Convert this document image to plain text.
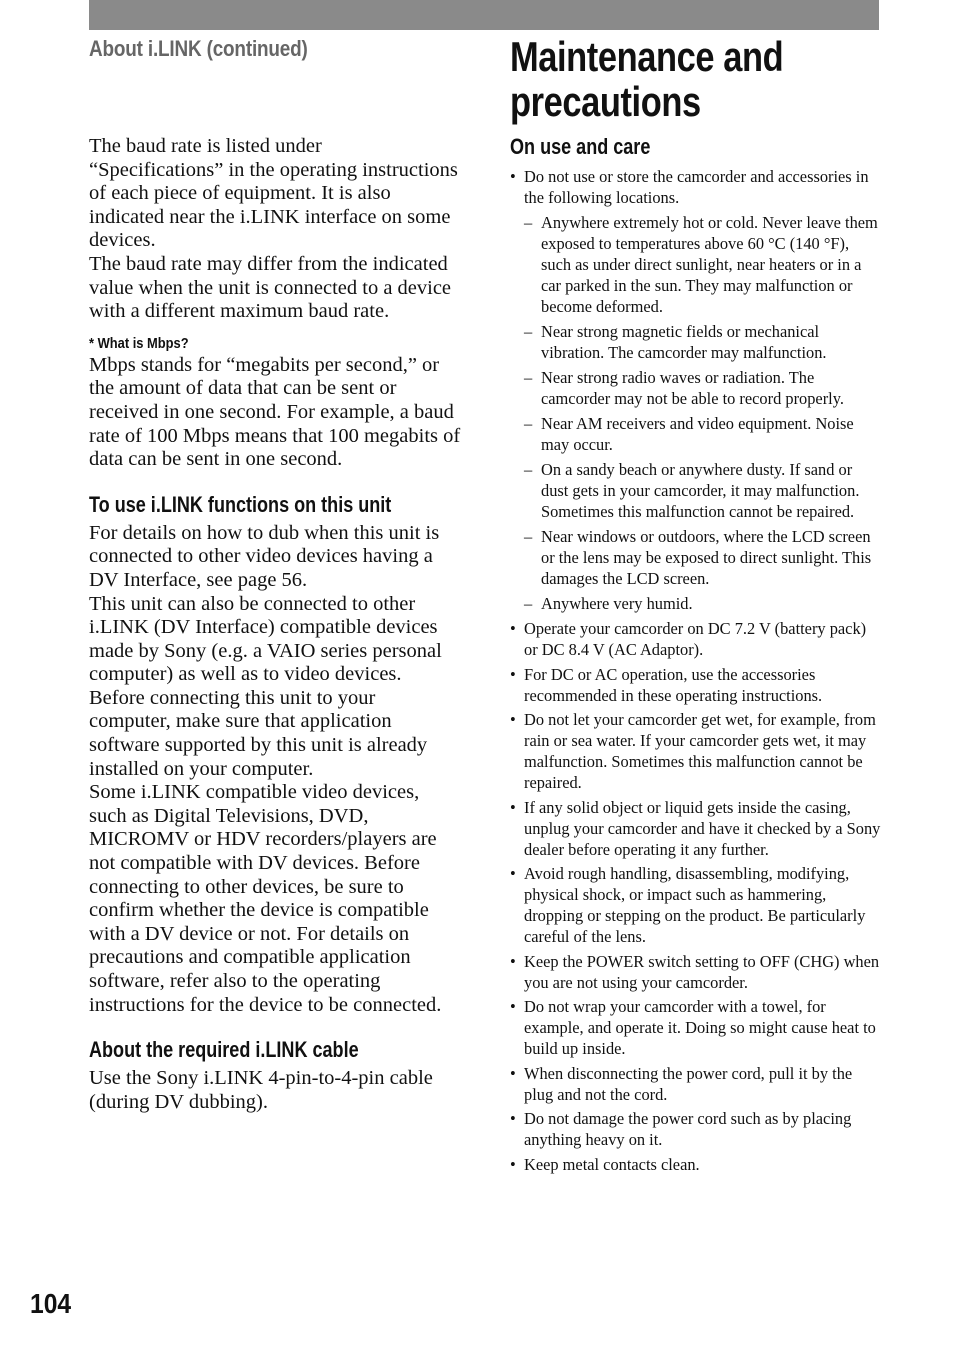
About i.LINK (continued)

The baud rate is listed under “Specifications” in the operating instructions of each piece of equipment. It is also indicated near the i.LINK interface on some devices.

The baud rate may differ from the indicated value when the unit is connected to a device with a different maximum baud rate.

* What is Mbps?

Mbps stands for “megabits per second,” or the amount of data that can be sent or received in one second. For example, a baud rate of 100 Mbps means that 100 megabits of data can be sent in one second.

To use i.LINK functions on this unit

For details on how to dub when this unit is connected to other video devices having a DV Interface, see page 56.

This unit can also be connected to other i.LINK (DV Interface) compatible devices made by Sony (e.g. a VAIO series personal computer) as well as to video devices.

Before connecting this unit to your computer, make sure that application software supported by this unit is already installed on your computer.

Some i.LINK compatible video devices, such as Digital Televisions, DVD, MICROMV or HDV recorders/players are not compatible with DV devices. Before connecting to other devices, be sure to confirm whether the device is compatible with a DV device or not. For details on precautions and compatible application software, refer also to the operating instructions for the device to be connected.

About the required i.LINK cable

Use the Sony i.LINK 4-pin-to-4-pin cable (during DV dubbing).

Maintenance and
precautions
On use and care
• Do not use or store the camcorder and accessories in the following locations.
– Anywhere extremely hot or cold. Never leave them exposed to temperatures above 60 °C (140 °F), such as under direct sunlight, near heaters or in a car parked in the sun. They may malfunction or become deformed.
– Near strong magnetic fields or mechanical vibration. The camcorder may malfunction.
– Near strong radio waves or radiation. The camcorder may not be able to record properly.
– Near AM receivers and video equipment. Noise may occur.
– On a sandy beach or anywhere dusty. If sand or dust gets in your camcorder, it may malfunction. Sometimes this malfunction cannot be repaired.
– Near windows or outdoors, where the LCD screen or the lens may be exposed to direct sunlight. This damages the LCD screen.
– Anywhere very humid.
• Operate your camcorder on DC 7.2 V (battery pack) or DC 8.4 V (AC Adaptor).
• For DC or AC operation, use the accessories recommended in these operating instructions.
• Do not let your camcorder get wet, for example, from rain or sea water. If your camcorder gets wet, it may malfunction. Sometimes this malfunction cannot be repaired.
• If any solid object or liquid gets inside the casing, unplug your camcorder and have it checked by a Sony dealer before operating it any further.
• Avoid rough handling, disassembling, modifying, physical shock, or impact such as hammering, dropping or stepping on the product. Be particularly careful of the lens.
• Keep the POWER switch setting to OFF (CHG) when you are not using your camcorder.
• Do not wrap your camcorder with a towel, for example, and operate it. Doing so might cause heat to build up inside.
• When disconnecting the power cord, pull it by the plug and not the cord.
• Do not damage the power cord such as by placing anything heavy on it.
• Keep metal contacts clean.
104
